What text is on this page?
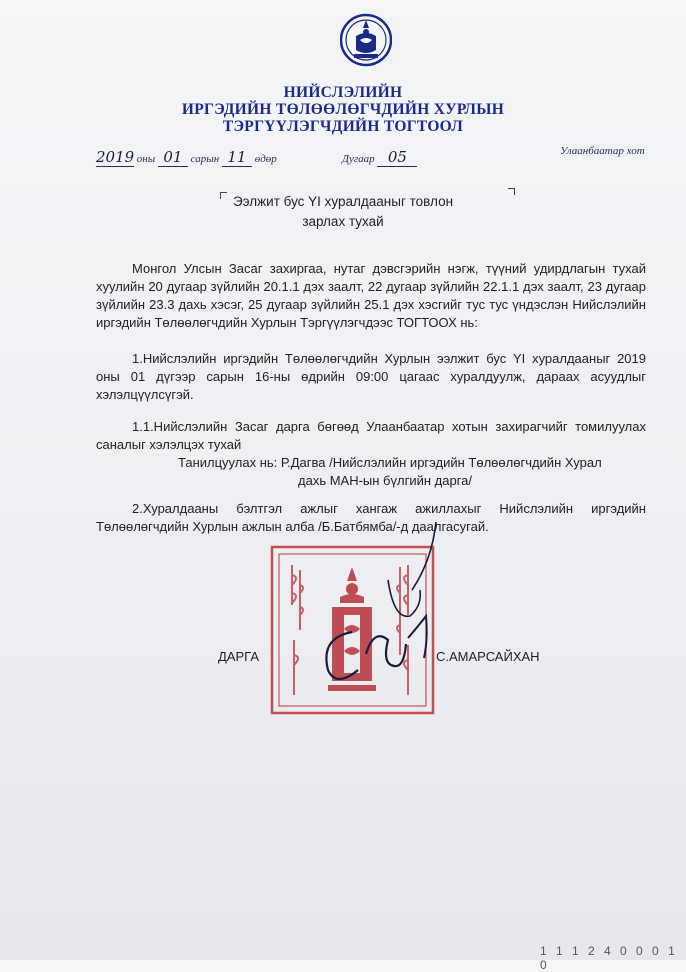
НИЙСЛЭЛИЙН
ИРГЭДИЙН ТӨЛӨӨЛӨГЧДИЙН ХУРЛЫН
ТЭРГҮҮЛЭГЧДИЙН ТОГТООЛ
2019 оны 01 сарын 11 өдөр	Дугаар 05	Улаанбаатар хот
Ээлжит бус YI хуралдааныг товлон
зарлах тухай

Монгол Улсын Засаг захиргаа, нутаг дэвсгэрийн нэгж, түүний удирдлагын тухай хуулийн 20 дугаар зүйлийн 20.1.1 дэх заалт, 22 дугаар зүйлийн 22.1.1 дэх заалт, 23 дугаар зүйлийн 23.3 дахь хэсэг, 25 дугаар зүйлийн 25.1 дэх хэсгийг тус тус үндэслэн Нийслэлийн иргэдийн Төлөөлөгчдийн Хурлын Тэргүүлэгчдээс ТОГТООХ нь:

1.Нийслэлийн иргэдийн Төлөөлөгчдийн Хурлын ээлжит бус YI хуралдааныг 2019 оны 01 дүгээр сарын 16-ны өдрийн 09:00 цагаас хуралдуулж, дараах асуудлыг хэлэлцүүлсүгэй.

1.1.Нийслэлийн Засаг дарга бөгөөд Улаанбаатар хотын захирагчийг томилуулах саналыг хэлэлцэх тухай

Танилцуулах нь: Р.Дагва /Нийслэлийн иргэдийн Төлөөлөгчдийн Хурал
дахь МАН-ын бүлгийн дарга/

2.Хуралдааны бэлтгэл ажлыг хангаж ажиллахыг Нийслэлийн иргэдийн Төлөөлөгчдийн Хурлын ажлын алба /Б.Батбямба/-д даалгасугай.

ДАРГА	С.АМАРСАЙХАН
1 1 1 2 4 0 0 0 1 0
